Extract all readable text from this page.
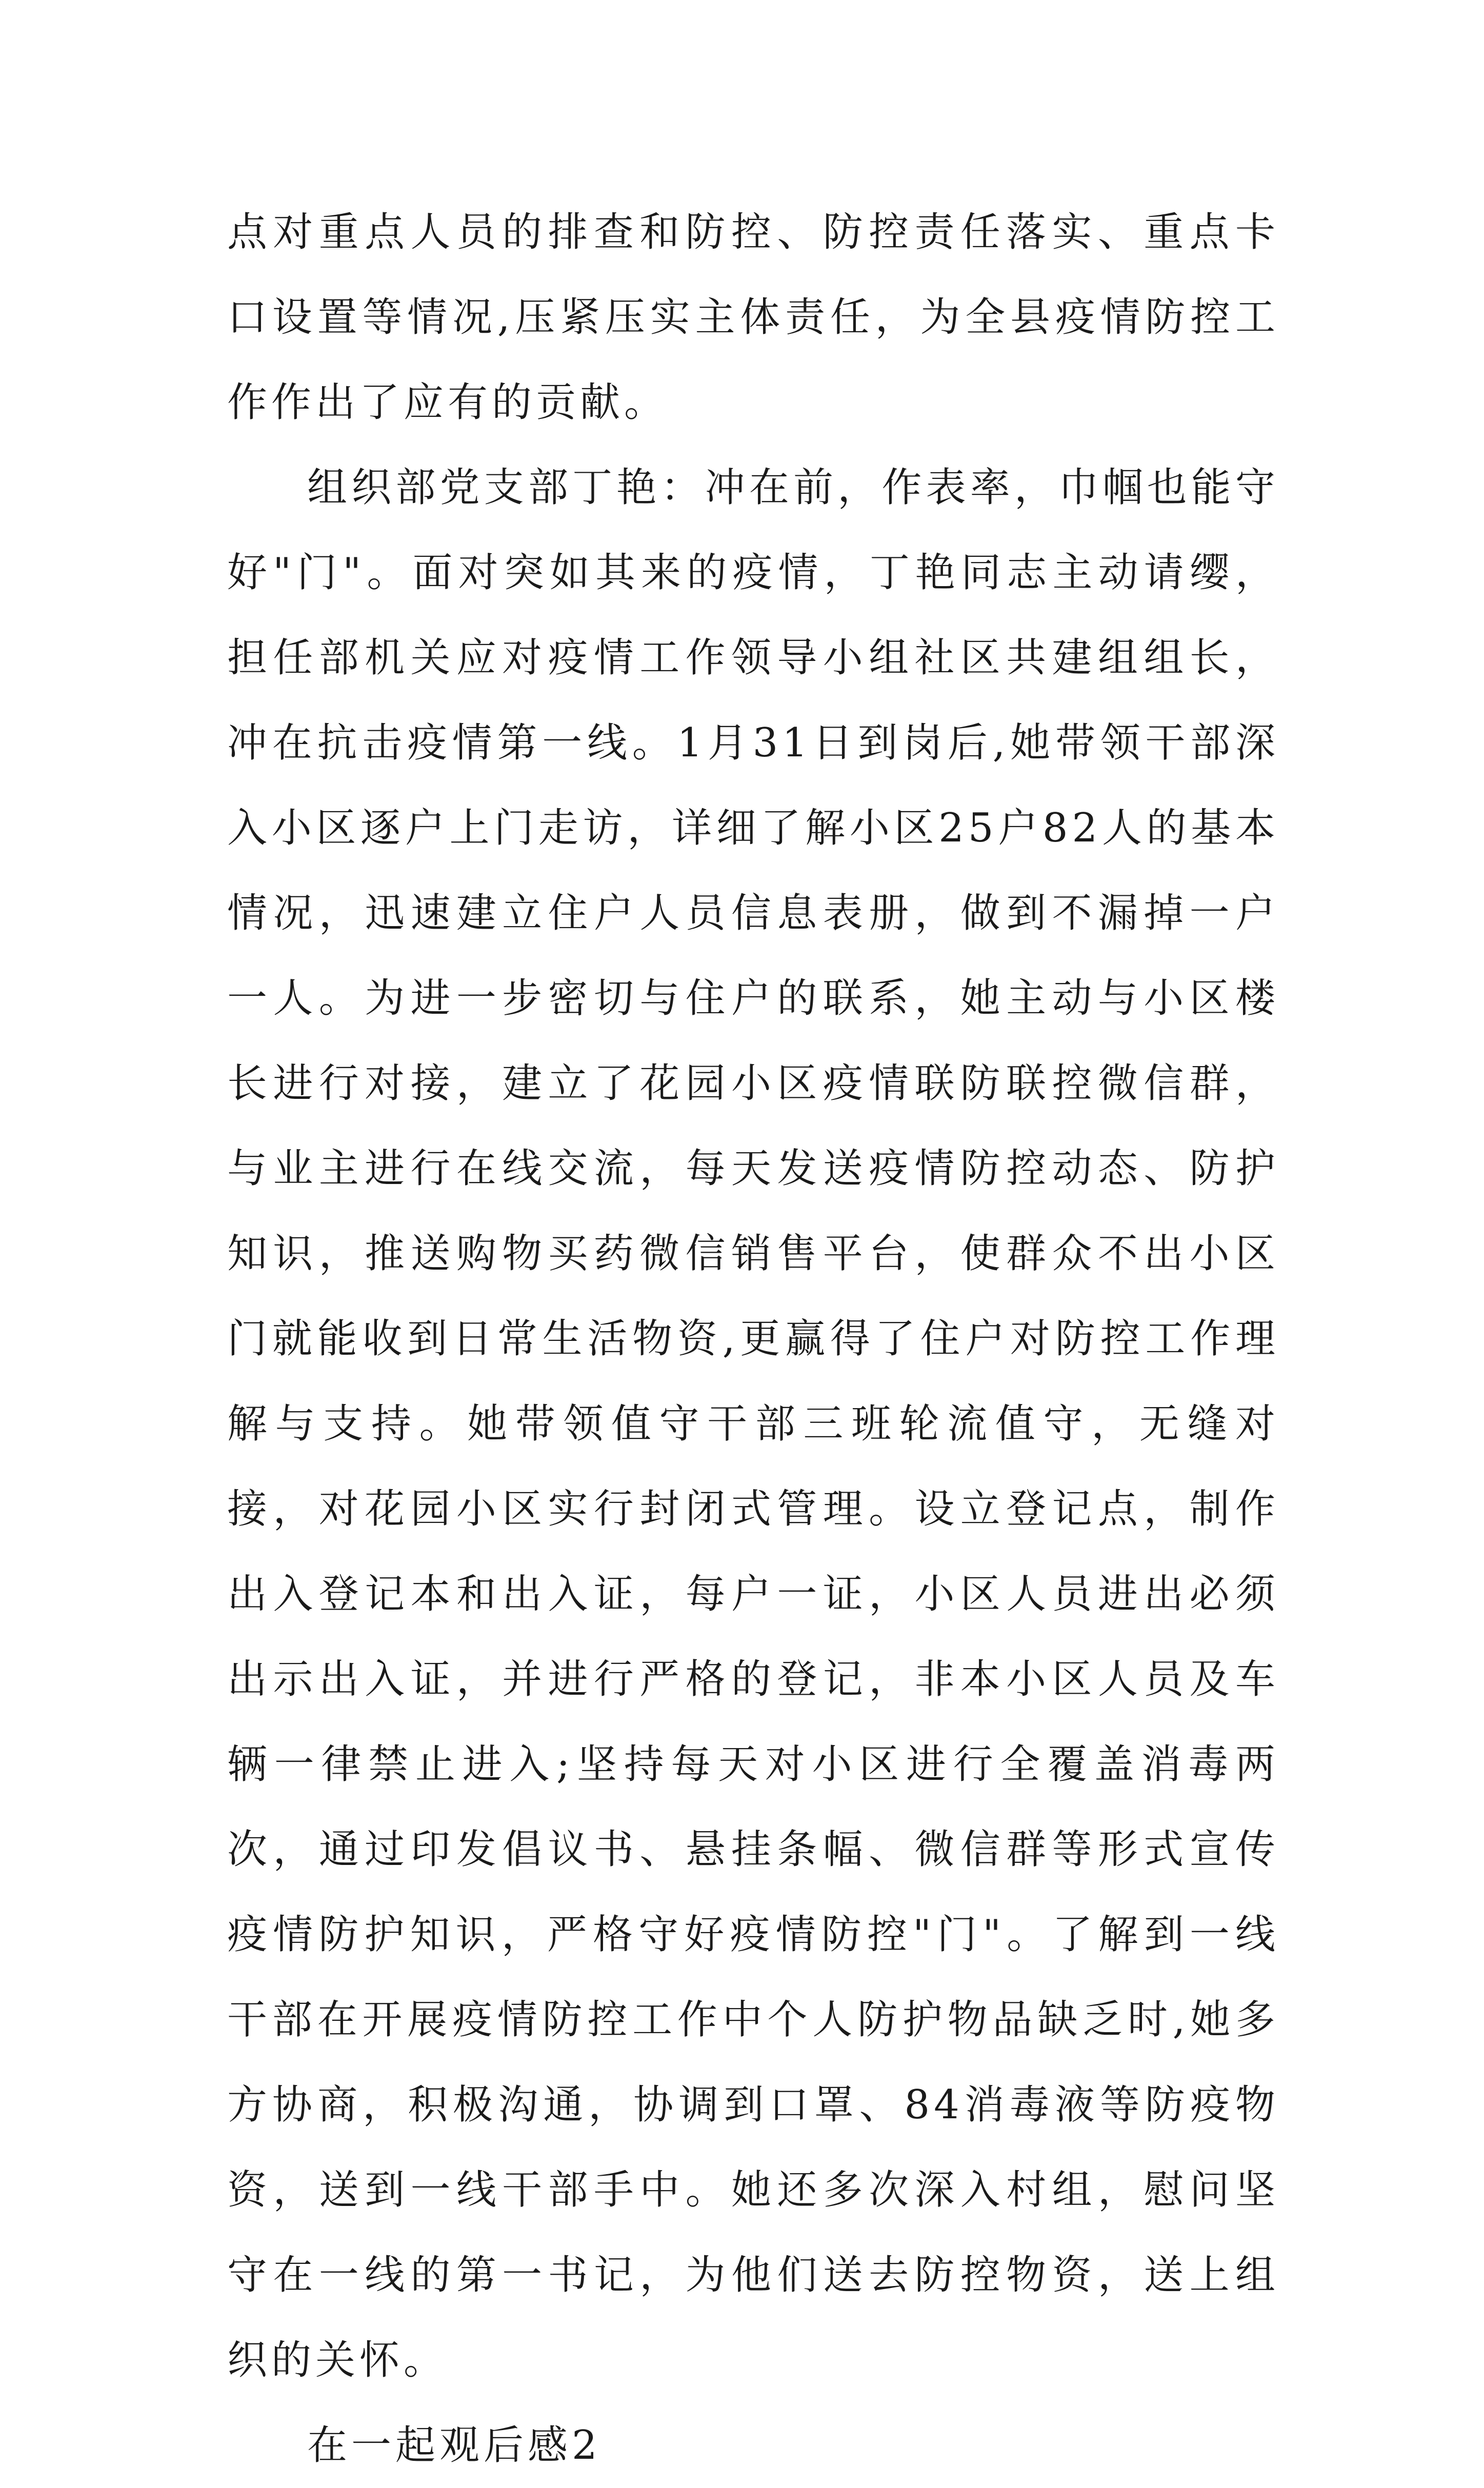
点对重点人员的排查和防控、防控责任落实、重点卡口设置等情况,压紧压实主体责任，为全县疫情防控工作作出了应有的贡献。

组织部党支部丁艳：冲在前，作表率，巾帼也能守好"门"。面对突如其来的疫情，丁艳同志主动请缨，担任部机关应对疫情工作领导小组社区共建组组长，冲在抗击疫情第一线。1月31日到岗后,她带领干部深入小区逐户上门走访，详细了解小区25户82人的基本情况，迅速建立住户人员信息表册，做到不漏掉一户一人。为进一步密切与住户的联系，她主动与小区楼长进行对接，建立了花园小区疫情联防联控微信群，与业主进行在线交流，每天发送疫情防控动态、防护知识，推送购物买药微信销售平台，使群众不出小区门就能收到日常生活物资,更赢得了住户对防控工作理解与支持。她带领值守干部三班轮流值守，无缝对接，对花园小区实行封闭式管理。设立登记点，制作出入登记本和出入证，每户一证，小区人员进出必须出示出入证，并进行严格的登记，非本小区人员及车辆一律禁止进入;坚持每天对小区进行全覆盖消毒两次，通过印发倡议书、悬挂条幅、微信群等形式宣传疫情防护知识，严格守好疫情防控"门"。了解到一线干部在开展疫情防控工作中个人防护物品缺乏时,她多方协商，积极沟通，协调到口罩、84消毒液等防疫物资，送到一线干部手中。她还多次深入村组，慰问坚守在一线的第一书记，为他们送去防控物资，送上组织的关怀。

在一起观后感2
